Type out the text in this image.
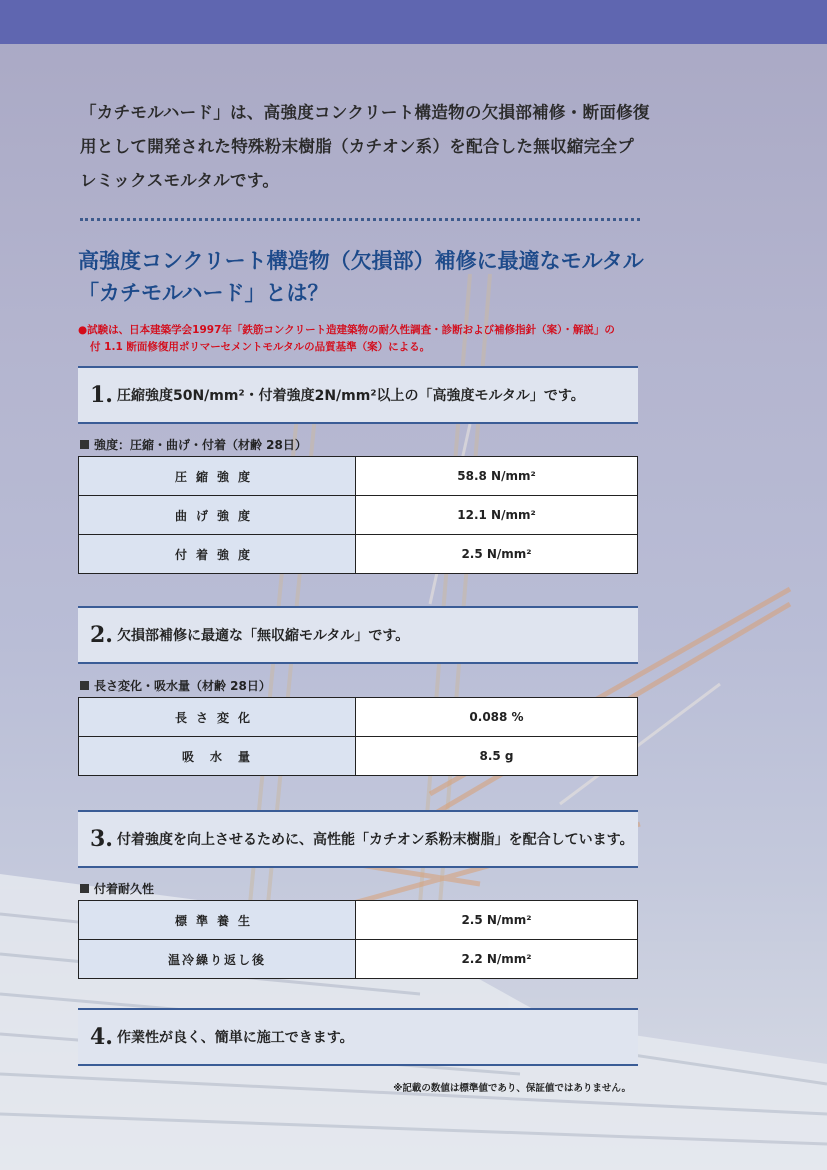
「カチモルハード」は、高強度コンクリート構造物の欠損部補修・断面修復用として開発された特殊粉末樹脂（カチオン系）を配合した無収縮完全プレミックスモルタルです。
高強度コンクリート構造物（欠損部）補修に最適なモルタル
「カチモルハード」とは？
●試験は、日本建築学会1997年「鉄筋コンクリート造建築物の耐久性調査・診断および補修指針（案）・解説」の
付 1.1 断面修復用ポリマーセメントモルタルの品質基準（案）による。
1. 圧縮強度50N/mm²・付着強度2N/mm²以上の「高強度モルタル」です。
強度：圧縮・曲げ・付着（材齢 28日）
圧縮強度	58.8 N/mm²
曲げ強度	12.1 N/mm²
付着強度	2.5 N/mm²
2. 欠損部補修に最適な「無収縮モルタル」です。
長さ変化・吸水量（材齢 28日）
長さ変化	0.088 %
吸　水　量	8.5 g
3. 付着強度を向上させるために、高性能「カチオン系粉末樹脂」を配合しています。
付着耐久性
標準養生	2.5 N/mm²
温冷繰り返し後	2.2 N/mm²
4. 作業性が良く、簡単に施工できます。
※記載の数値は標準値であり、保証値ではありません。
